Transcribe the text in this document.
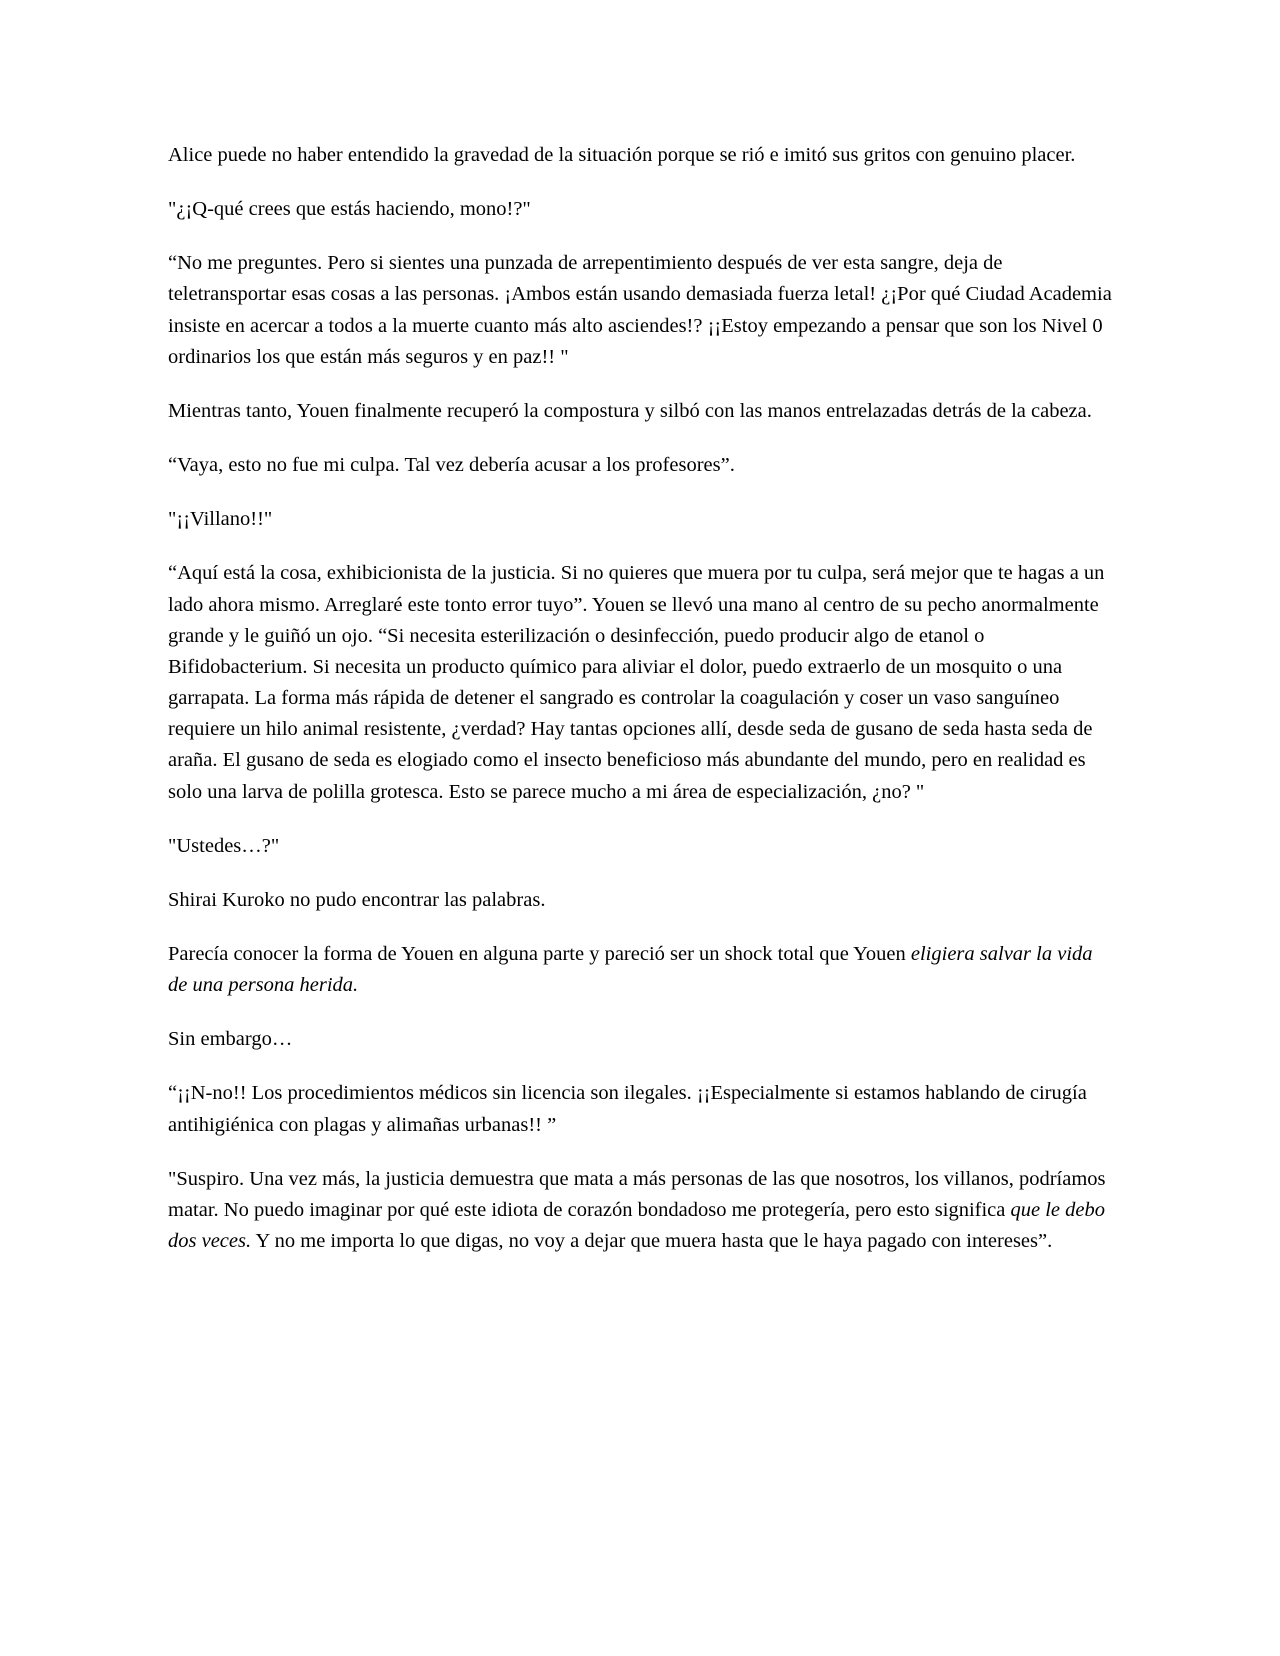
Alice puede no haber entendido la gravedad de la situación porque se rió e imitó sus gritos con genuino placer.

"¿¡Q-qué crees que estás haciendo, mono!?"

“No me preguntes. Pero si sientes una punzada de arrepentimiento después de ver esta sangre, deja de teletransportar esas cosas a las personas. ¡Ambos están usando demasiada fuerza letal! ¿¡Por qué Ciudad Academia insiste en acercar a todos a la muerte cuanto más alto asciendes!? ¡¡Estoy empezando a pensar que son los Nivel 0 ordinarios los que están más seguros y en paz!! "

Mientras tanto, Youen finalmente recuperó la compostura y silbó con las manos entrelazadas detrás de la cabeza.

“Vaya, esto no fue mi culpa. Tal vez debería acusar a los profesores”.

"¡¡Villano!!"

“Aquí está la cosa, exhibicionista de la justicia. Si no quieres que muera por tu culpa, será mejor que te hagas a un lado ahora mismo. Arreglaré este tonto error tuyo”. Youen se llevó una mano al centro de su pecho anormalmente grande y le guiñó un ojo. “Si necesita esterilización o desinfección, puedo producir algo de etanol o Bifidobacterium. Si necesita un producto químico para aliviar el dolor, puedo extraerlo de un mosquito o una garrapata. La forma más rápida de detener el sangrado es controlar la coagulación y coser un vaso sanguíneo requiere un hilo animal resistente, ¿verdad? Hay tantas opciones allí, desde seda de gusano de seda hasta seda de araña. El gusano de seda es elogiado como el insecto beneficioso más abundante del mundo, pero en realidad es solo una larva de polilla grotesca. Esto se parece mucho a mi área de especialización, ¿no? "

"Ustedes…?"

Shirai Kuroko no pudo encontrar las palabras.

Parecía conocer la forma de Youen en alguna parte y pareció ser un shock total que Youen eligiera salvar la vida de una persona herida.

Sin embargo…

“¡¡N-no!! Los procedimientos médicos sin licencia son ilegales. ¡¡Especialmente si estamos hablando de cirugía antihigiénica con plagas y alimañas urbanas!! ”

"Suspiro. Una vez más, la justicia demuestra que mata a más personas de las que nosotros, los villanos, podríamos matar. No puedo imaginar por qué este idiota de corazón bondadoso me protegería, pero esto significa que le debo dos veces. Y no me importa lo que digas, no voy a dejar que muera hasta que le haya pagado con intereses”.
